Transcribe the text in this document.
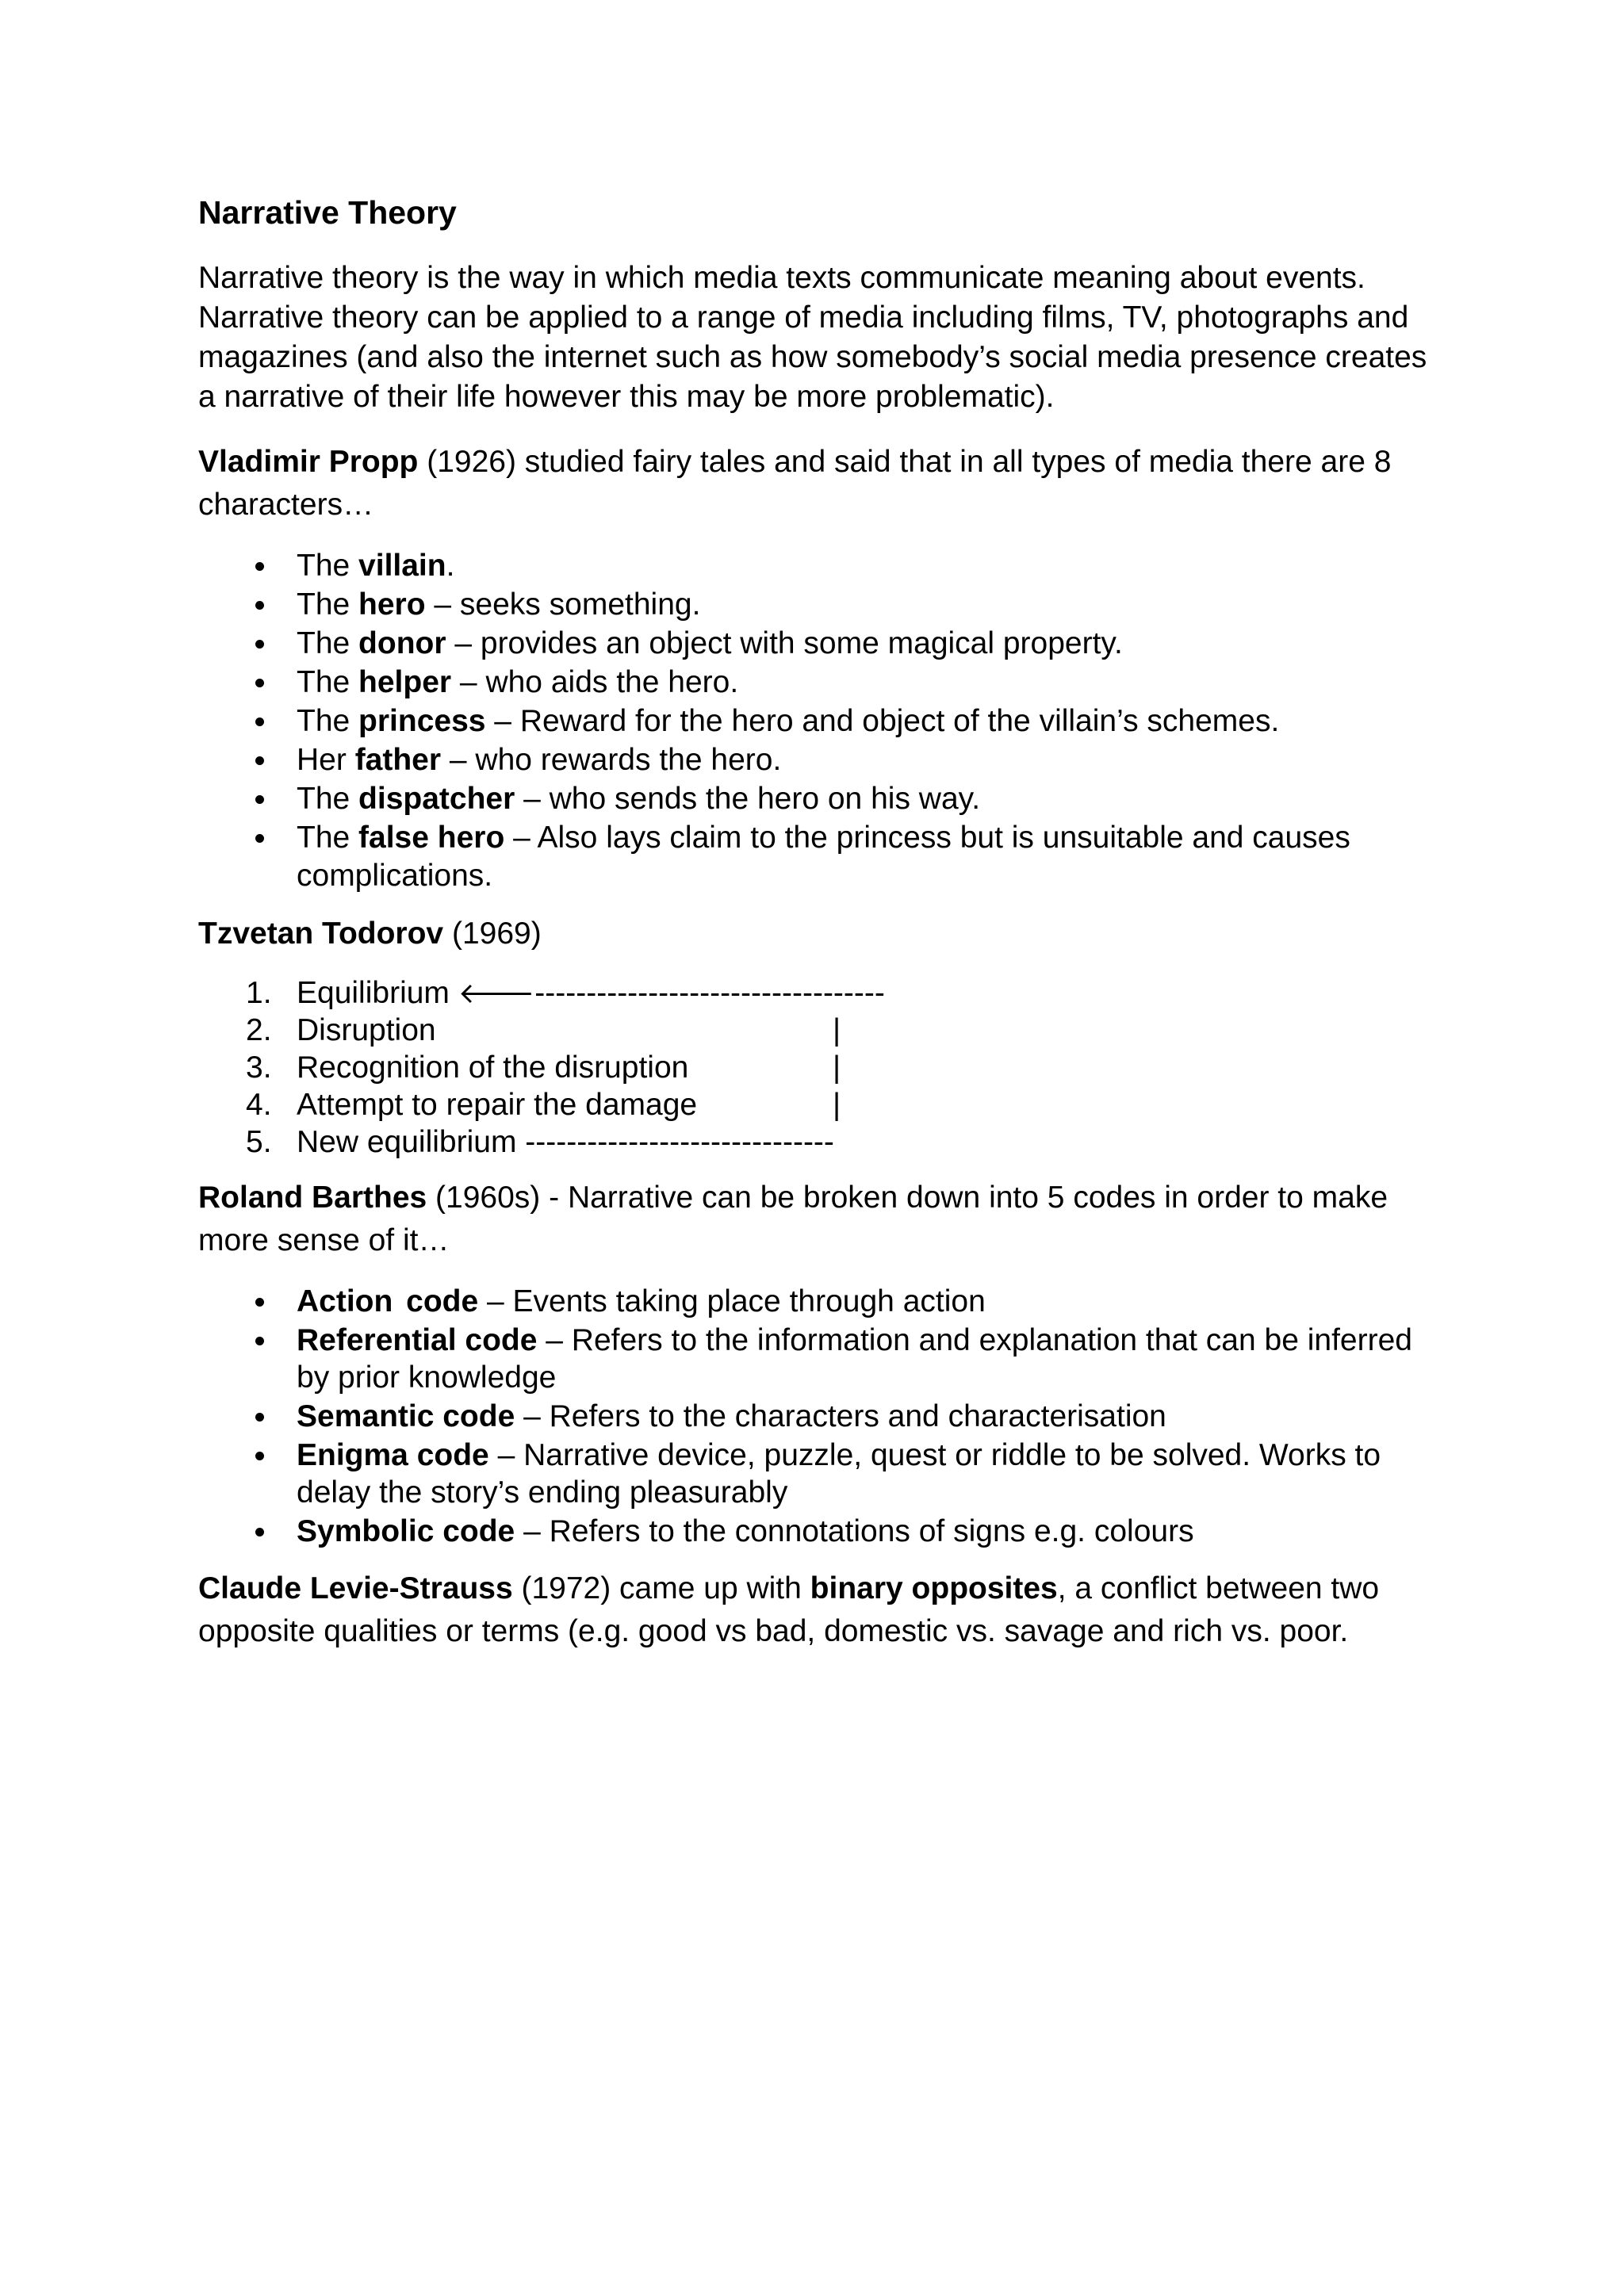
Narrative Theory

Narrative theory is the way in which media texts communicate meaning about events. Narrative theory can be applied to a range of media including films, TV, photographs and magazines (and also the internet such as how somebody’s social media presence creates a narrative of their life however this may be more problematic).

Vladimir Propp (1926) studied fairy tales and said that in all types of media there are 8 characters…

The villain.
The hero – seeks something.
The donor – provides an object with some magical property.
The helper – who aids the hero.
The princess – Reward for the hero and object of the villain’s schemes.
Her father – who rewards the hero.
The dispatcher – who sends the hero on his way.
The false hero – Also lays claim to the princess but is unsuitable and causes complications.

Tzvetan Todorov (1969)

1. Equilibrium 🡐----------------------------------
2. Disruption	|
3. Recognition of the disruption	|
4. Attempt to repair the damage	|
5. New equilibrium ------------------------------

Roland Barthes (1960s) - Narrative can be broken down into 5 codes in order to make more sense of it…

Action code – Events taking place through action
Referential code – Refers to the information and explanation that can be inferred by prior knowledge
Semantic code – Refers to the characters and characterisation
Enigma code – Narrative device, puzzle, quest or riddle to be solved. Works to delay the story’s ending pleasurably
Symbolic code – Refers to the connotations of signs e.g. colours

Claude Levie-Strauss (1972) came up with binary opposites, a conflict between two opposite qualities or terms (e.g. good vs bad, domestic vs. savage and rich vs. poor.
